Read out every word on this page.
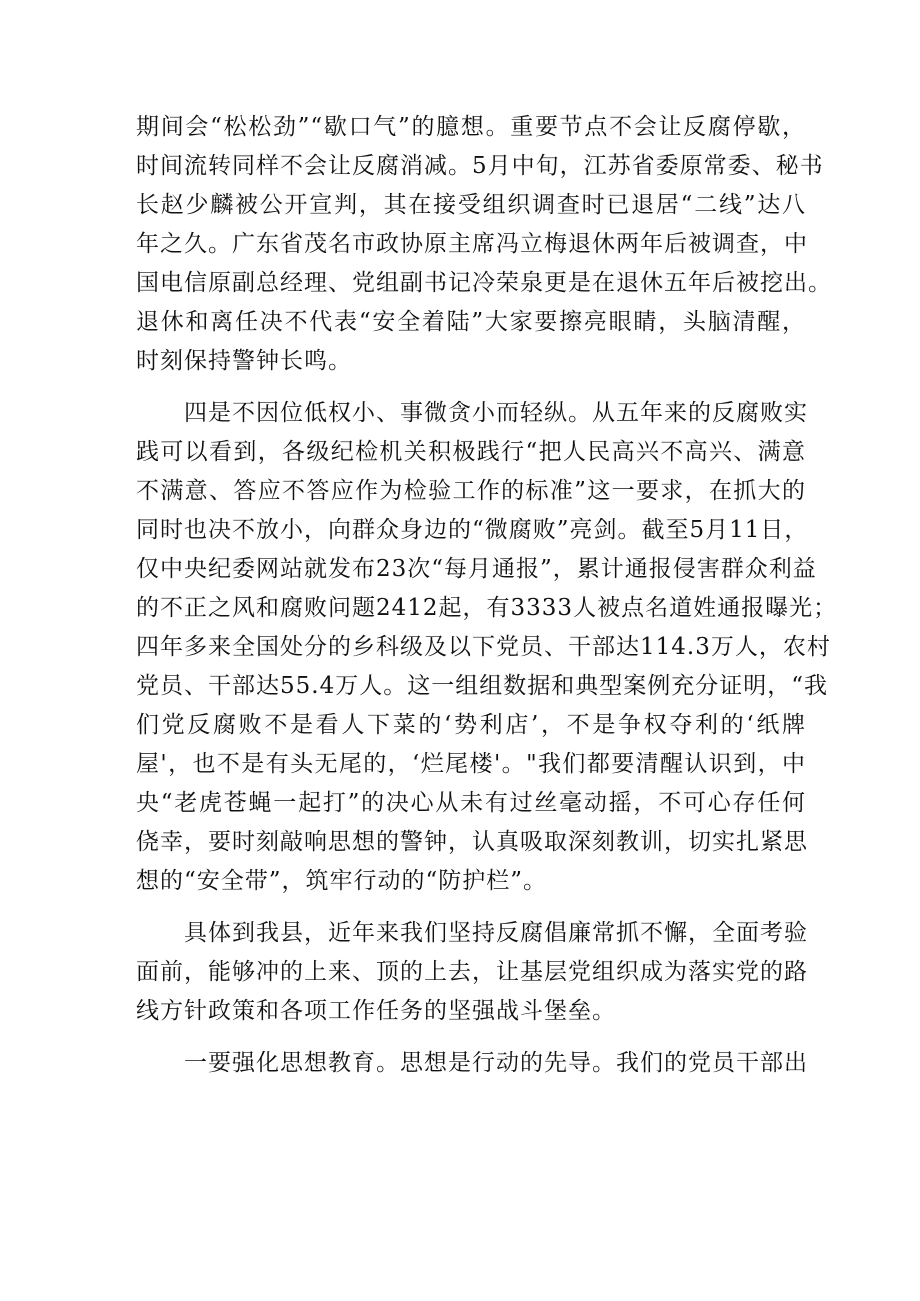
期间会“松松劲”“歇口气”的臆想。重要节点不会让反腐停歇，
时间流转同样不会让反腐消减。5月中旬，江苏省委原常委、秘书
长赵少麟被公开宣判，其在接受组织调查时已退居“二线”达八
年之久。广东省茂名市政协原主席冯立梅退休两年后被调查，中
国电信原副总经理、党组副书记冷荣泉更是在退休五年后被挖出。
退休和离任决不代表“安全着陆”大家要擦亮眼睛，头脑清醒，
时刻保持警钟长鸣。
四是不因位低权小、事微贪小而轻纵。从五年来的反腐败实
践可以看到，各级纪检机关积极践行“把人民高兴不高兴、满意
不满意、答应不答应作为检验工作的标准”这一要求，在抓大的
同时也决不放小，向群众身边的“微腐败”亮剑。截至5月11日，
仅中央纪委网站就发布23次“每月通报”，累计通报侵害群众利益
的不正之风和腐败问题2412起，有3333人被点名道姓通报曝光；
四年多来全国处分的乡科级及以下党员、干部达114.3万人，农村
党员、干部达55.4万人。这一组组数据和典型案例充分证明，“我
们党反腐败不是看人下菜的‘势利店’，不是争权夺利的‘纸牌
屋'，也不是有头无尾的，‘烂尾楼'。"我们都要清醒认识到，中
央“老虎苍蝇一起打”的决心从未有过丝毫动摇，不可心存任何
侥幸，要时刻敲响思想的警钟，认真吸取深刻教训，切实扎紧思
想的“安全带”，筑牢行动的“防护栏”。
具体到我县，近年来我们坚持反腐倡廉常抓不懈，全面考验
面前，能够冲的上来、顶的上去，让基层党组织成为落实党的路
线方针政策和各项工作任务的坚强战斗堡垒。
一要强化思想教育。思想是行动的先导。我们的党员干部出
